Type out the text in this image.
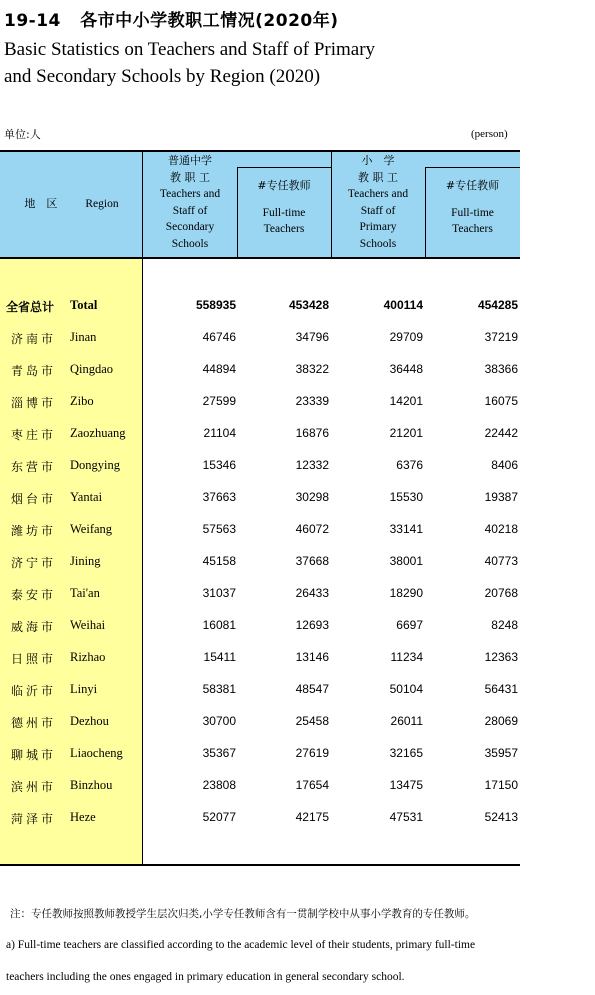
19-14 各市中小学教职工情况(2020年)
Basic Statistics on Teachers and Staff of Primary
and Secondary Schools by Region (2020)
单位:人	(person)
地　区 Region
普通中学
教 职 工
Teachers and
Staff of
Secondary
Schools
#专任教师
Full-time
Teachers
小　学
教 职 工
Teachers and
Staff of
Primary
Schools
#专任教师
Full-time
Teachers
全省总计 Total	558935	453428	400114	454285
济南市 Jinan	46746	34796	29709	37219
青岛市 Qingdao	44894	38322	36448	38366
淄博市 Zibo	27599	23339	14201	16075
枣庄市 Zaozhuang	21104	16876	21201	22442
东营市 Dongying	15346	12332	6376	8406
烟台市 Yantai	37663	30298	15530	19387
潍坊市 Weifang	57563	46072	33141	40218
济宁市 Jining	45158	37668	38001	40773
泰安市 Tai'an	31037	26433	18290	20768
威海市 Weihai	16081	12693	6697	8248
日照市 Rizhao	15411	13146	11234	12363
临沂市 Linyi	58381	48547	50104	56431
德州市 Dezhou	30700	25458	26011	28069
聊城市 Liaocheng	35367	27619	32165	35957
滨州市 Binzhou	23808	17654	13475	17150
菏泽市 Heze	52077	42175	47531	52413
注：专任教师按照教师教授学生层次归类,小学专任教师含有一贯制学校中从事小学教育的专任教师。
a) Full-time teachers are classified according to the academic level of their students, primary full-time
teachers including the ones engaged in primary education in general secondary school.
